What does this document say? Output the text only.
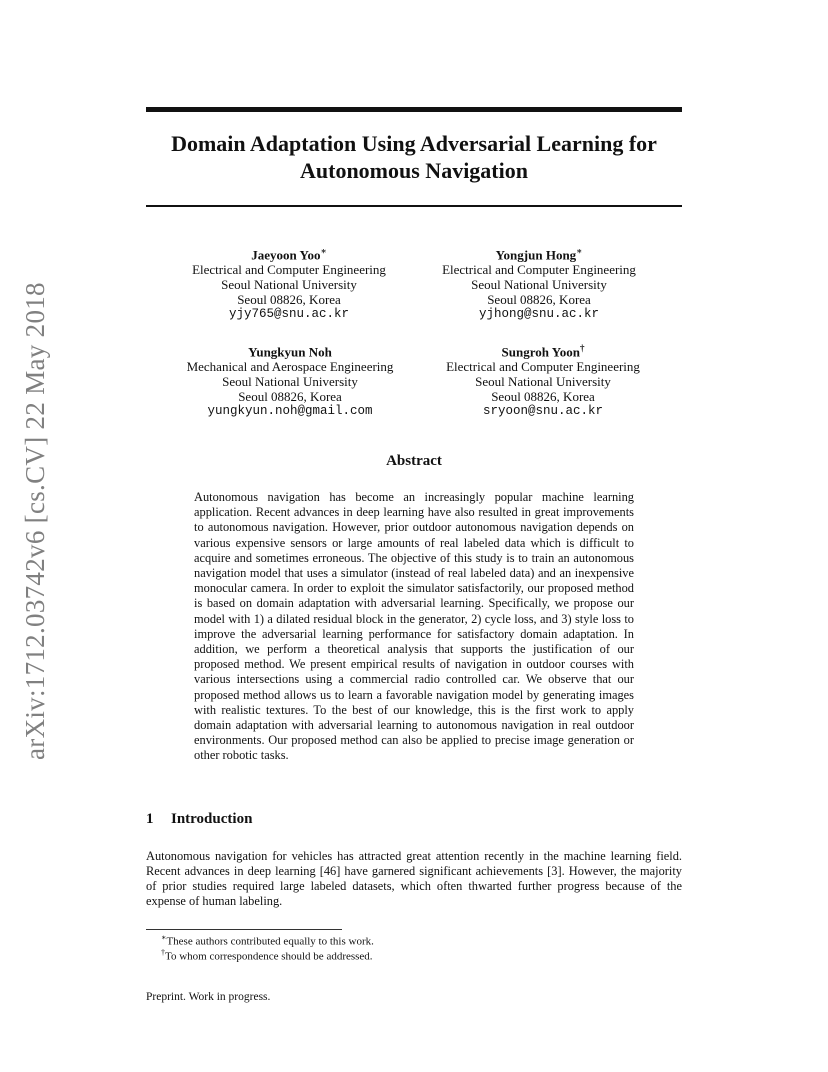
arXiv:1712.03742v6 [cs.CV] 22 May 2018
Domain Adaptation Using Adversarial Learning for
Autonomous Navigation
Jaeyoon Yoo∗
Electrical and Computer Engineering
Seoul National University
Seoul 08826, Korea
yjy765@snu.ac.kr
Yongjun Hong∗
Electrical and Computer Engineering
Seoul National University
Seoul 08826, Korea
yjhong@snu.ac.kr
Yungkyun Noh
Mechanical and Aerospace Engineering
Seoul National University
Seoul 08826, Korea
yungkyun.noh@gmail.com
Sungroh Yoon†
Electrical and Computer Engineering
Seoul National University
Seoul 08826, Korea
sryoon@snu.ac.kr
Abstract
Autonomous navigation has become an increasingly popular machine learning application. Recent advances in deep learning have also resulted in great improvements to autonomous navigation. However, prior outdoor autonomous navigation depends on various expensive sensors or large amounts of real labeled data which is difficult to acquire and sometimes erroneous. The objective of this study is to train an autonomous navigation model that uses a simulator (instead of real labeled data) and an inexpensive monocular camera. In order to exploit the simulator satisfactorily, our proposed method is based on domain adaptation with adversarial learning. Specifically, we propose our model with 1) a dilated residual block in the generator, 2) cycle loss, and 3) style loss to improve the adversarial learning performance for satisfactory domain adaptation. In addition, we perform a theoretical analysis that supports the justification of our proposed method. We present empirical results of navigation in outdoor courses with various intersections using a commercial radio controlled car. We observe that our proposed method allows us to learn a favorable navigation model by generating images with realistic textures. To the best of our knowledge, this is the first work to apply domain adaptation with adversarial learning to autonomous navigation in real outdoor environments. Our proposed method can also be applied to precise image generation or other robotic tasks.
1 Introduction
Autonomous navigation for vehicles has attracted great attention recently in the machine learning field. Recent advances in deep learning [46] have garnered significant achievements [3]. However, the majority of prior studies required large labeled datasets, which often thwarted further progress because of the expense of human labeling.
∗These authors contributed equally to this work.
†To whom correspondence should be addressed.
Preprint. Work in progress.
